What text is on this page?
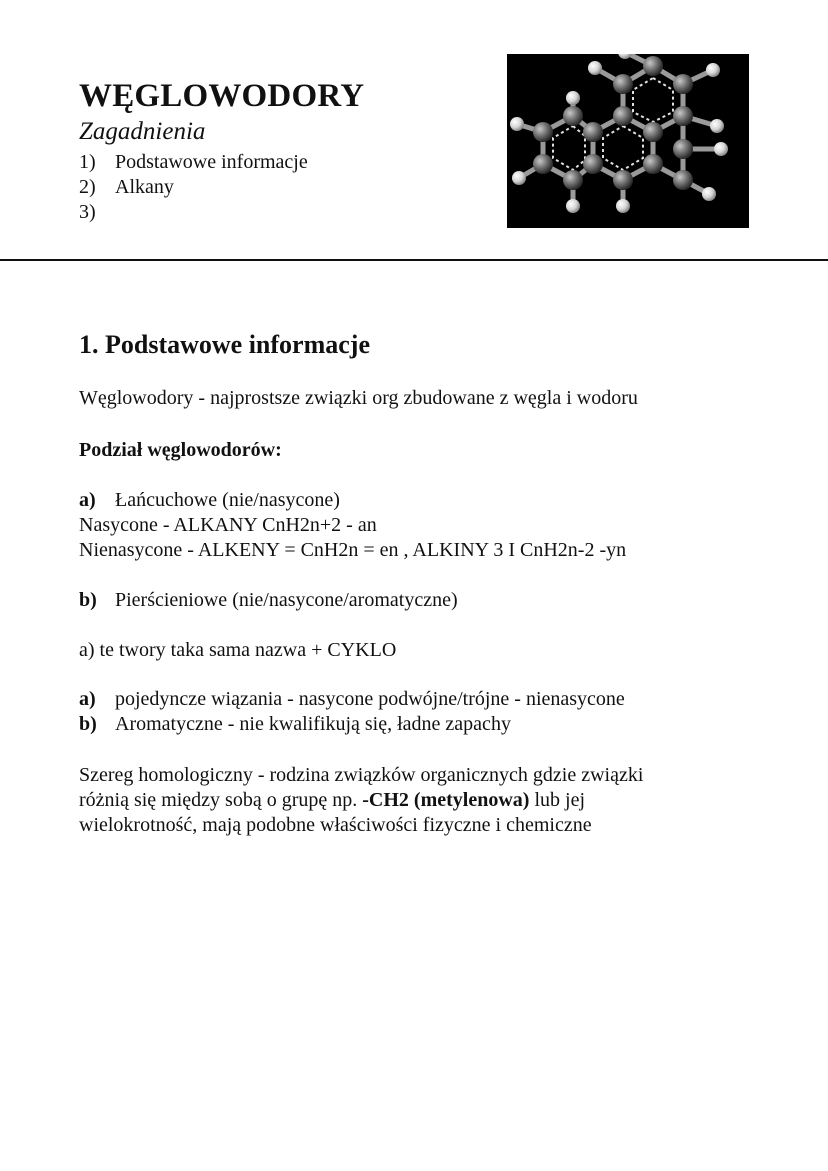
WĘGLOWODORY
Zagadnienia
1) Podstawowe informacje
2) Alkany
3)
1. Podstawowe informacje
Węglowodory - najprostsze związki org zbudowane z węgla i wodoru
Podział węglowodorów:
a) Łańcuchowe (nie/nasycone)
Nasycone - ALKANY CnH2n+2 - an
Nienasycone - ALKENY = CnH2n = en , ALKINY 3 I CnH2n-2 -yn
b) Pierścieniowe (nie/nasycone/aromatyczne)
a) te twory taka sama nazwa + CYKLO
a) pojedyncze wiązania - nasycone podwójne/trójne - nienasycone
b) Aromatyczne - nie kwalifikują się, ładne zapachy
Szereg homologiczny - rodzina związków organicznych gdzie związki
różnią się między sobą o grupę np. -CH2 (metylenowa) lub jej
wielokrotność, mają podobne właściwości fizyczne i chemiczne
